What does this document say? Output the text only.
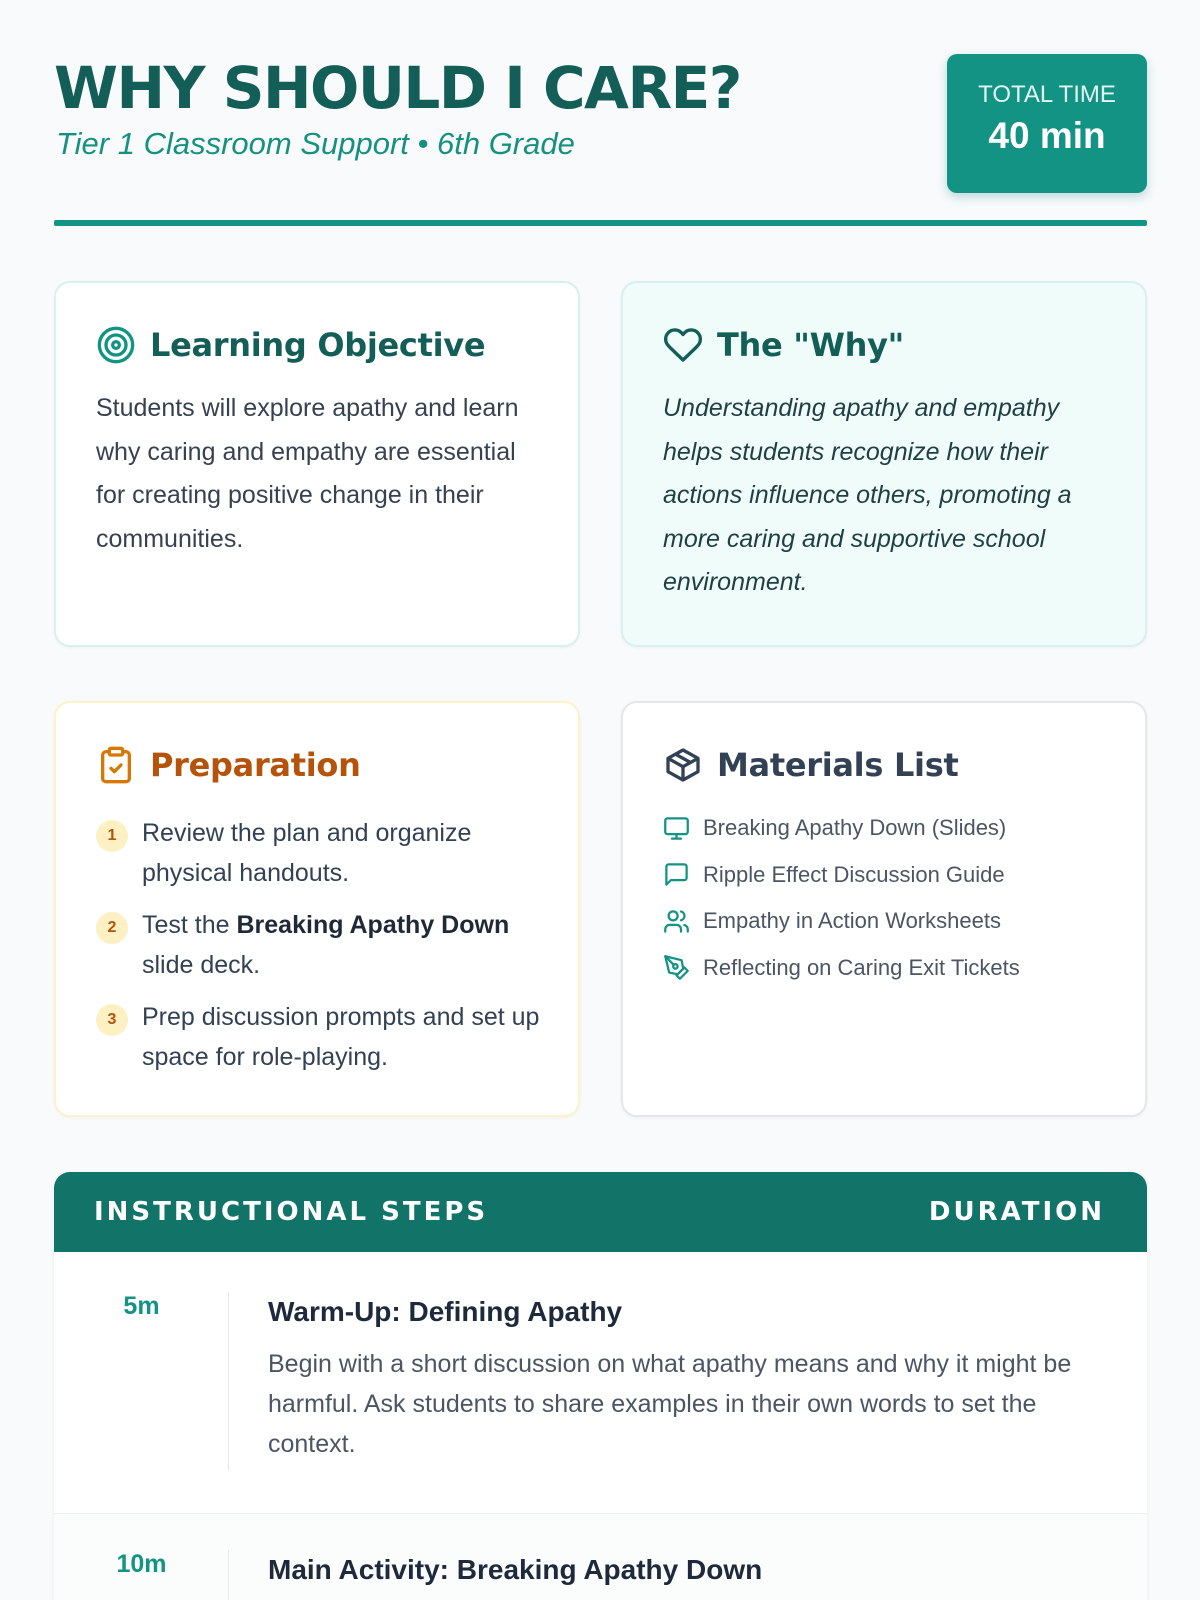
WHY SHOULD I CARE?
Tier 1 Classroom Support • 6th Grade
TOTAL TIME
40 min
Learning Objective

Students will explore apathy and learn why caring and empathy are essential for creating positive change in their communities.

The "Why"

Understanding apathy and empathy helps students recognize how their actions influence others, promoting a more caring and supportive school environment.

Preparation
1	Review the plan and organize physical handouts.
2	Test the Breaking Apathy Down slide deck.
3	Prep discussion prompts and set up space for role-playing.
Materials List
Breaking Apathy Down (Slides)
Ripple Effect Discussion Guide
Empathy in Action Worksheets
Reflecting on Caring Exit Tickets
INSTRUCTIONAL STEPS	DURATION
5m	Warm-Up: Defining Apathy
Begin with a short discussion on what apathy means and why it might be harmful. Ask students to share examples in their own words to set the context.
10m	Main Activity: Breaking Apathy Down
